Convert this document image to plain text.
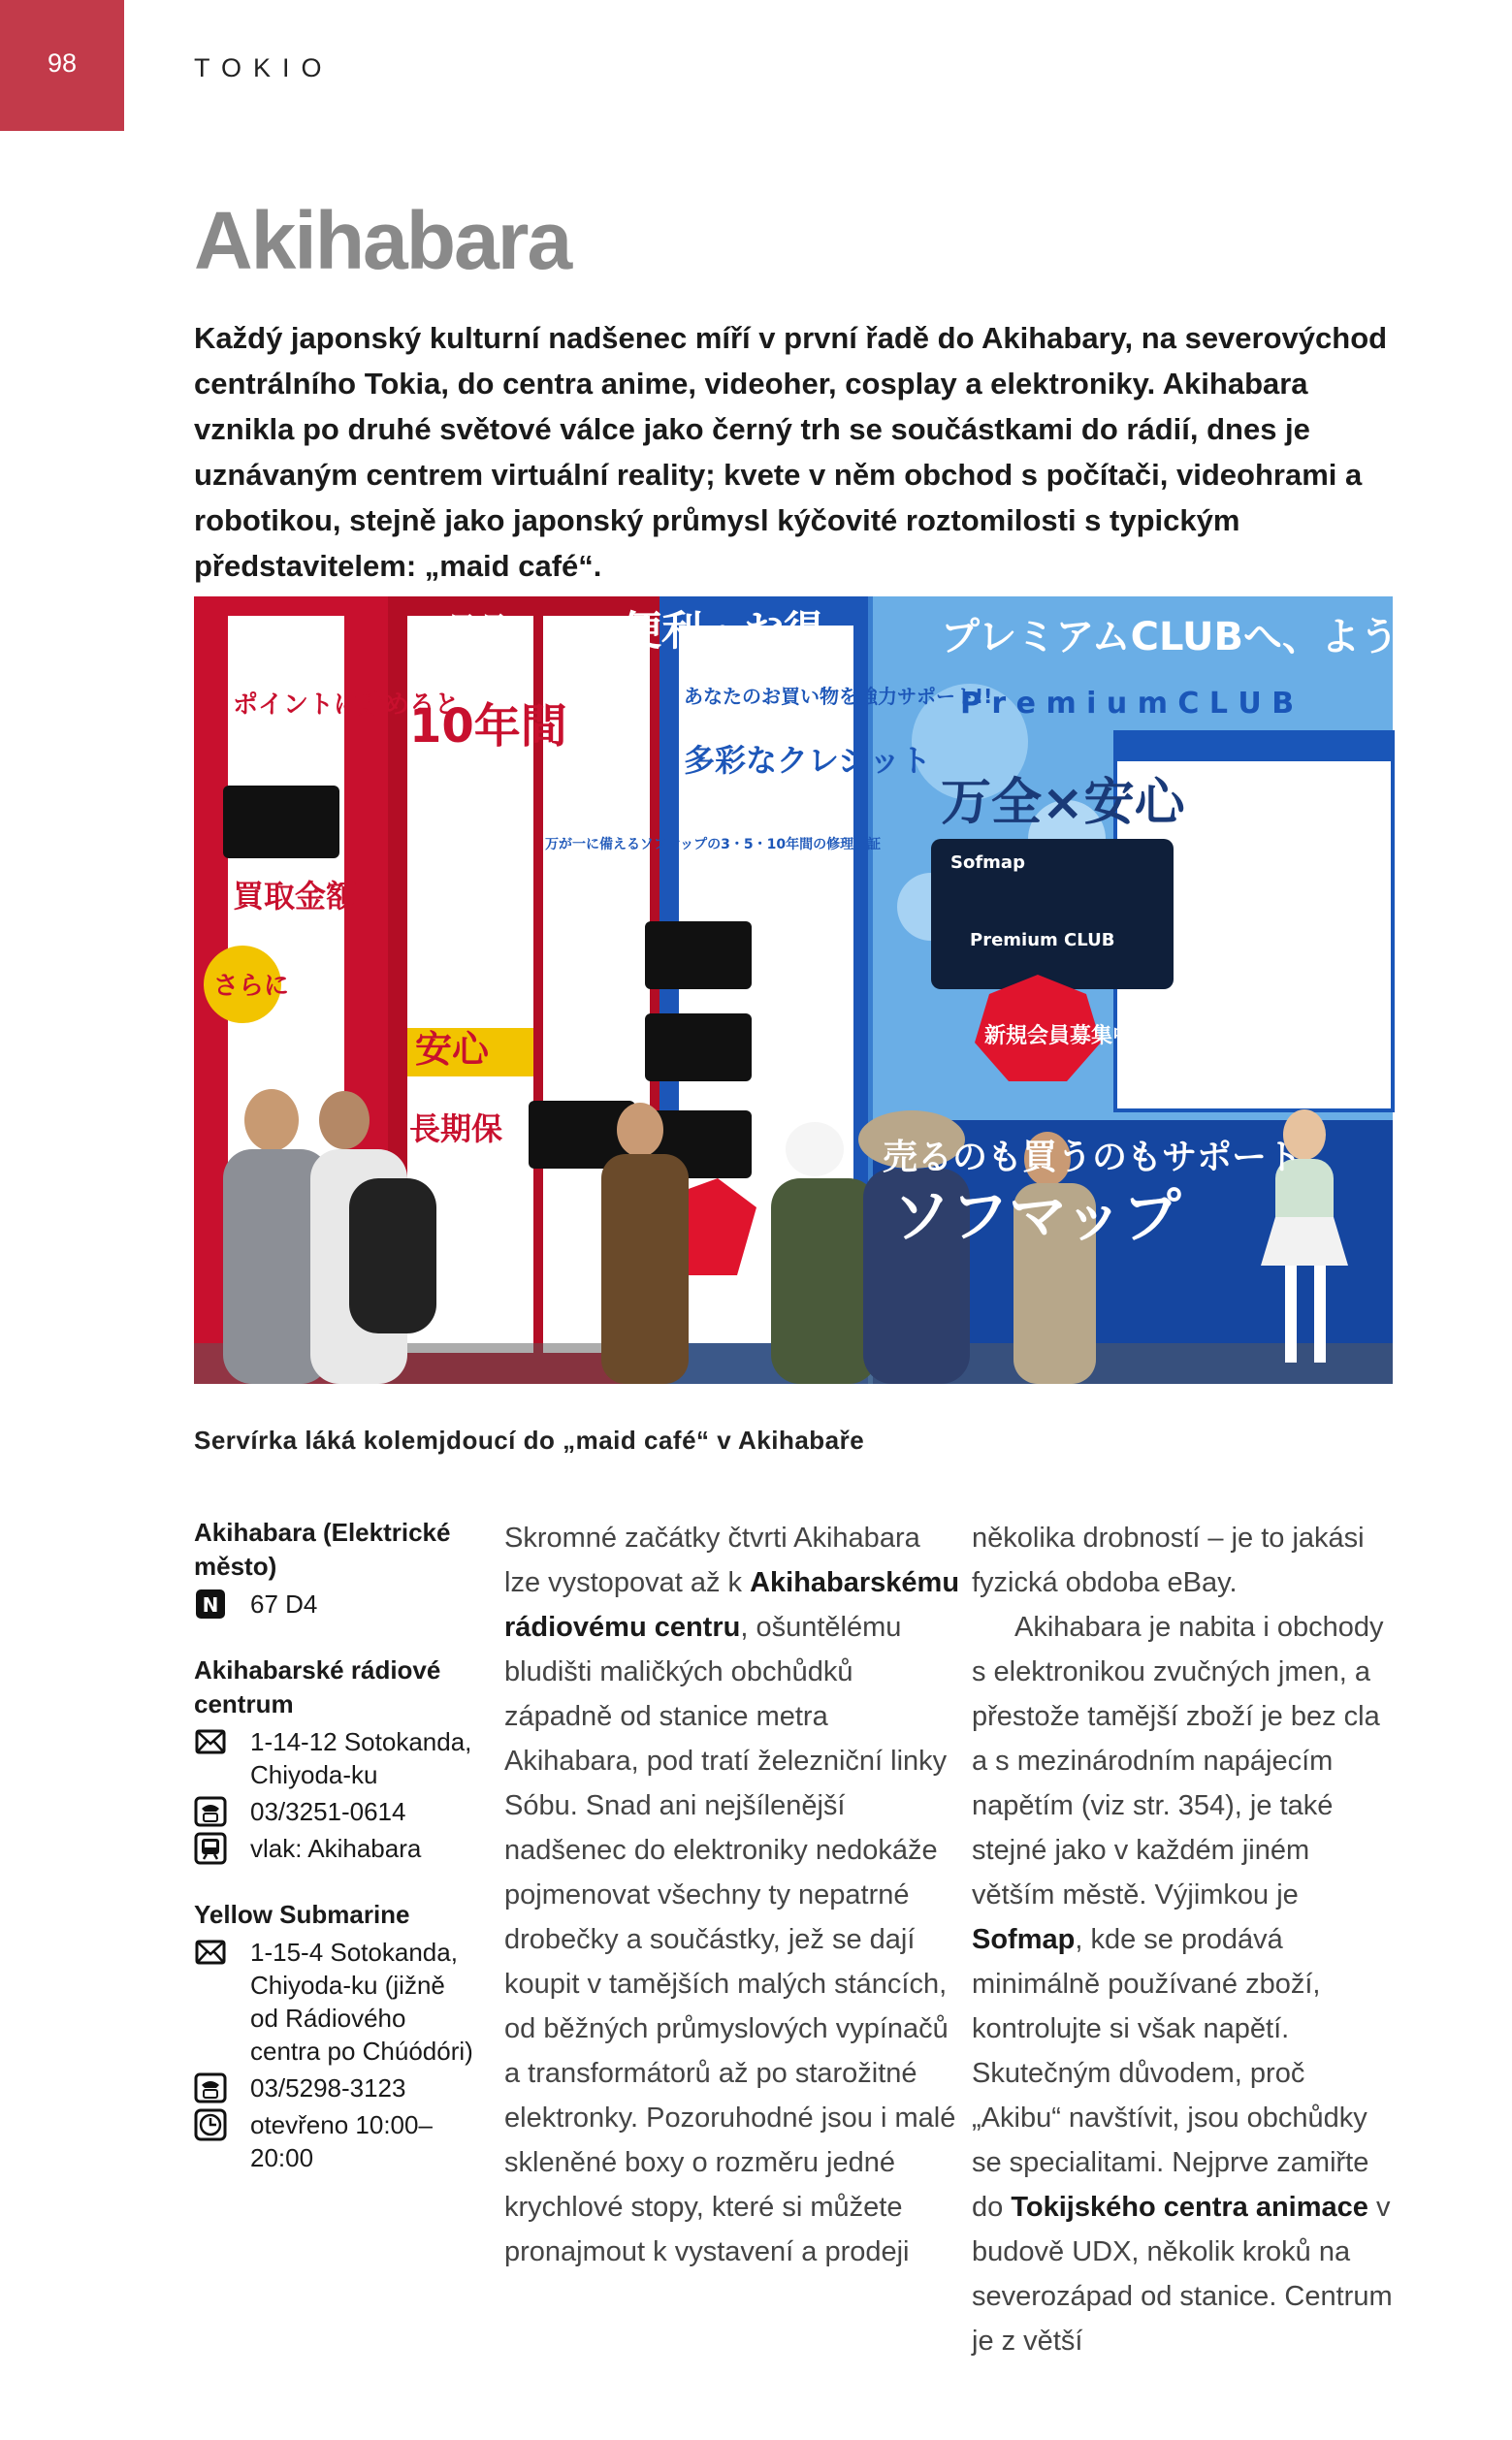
98	TOKIO
Akihabara

Každý japonský kulturní nadšenec míří v první řadě do Akihabary, na severovýchod centrálního Tokia, do centra anime, videoher, cosplay a elektroniky. Akihabara vznikla po druhé světové válce jako černý trh se součástkami do rádií, dnes je uznávaným centrem virtuální reality; kvete v něm obchod s počítači, videohrami a robotikou, stejně jako japonský průmysl kýčovité roztomilosti s typickým představitelem: „maid café“.

便利・お得	プレミアムCLUBへ、ようこそ
P r e m i u m C L U B
最長
10年間
安心
長期保
さらに
買取金額
ポイントに貯めると
多彩なクレジット
あなたのお買い物を強力サポート!!
万が一に備えるソフマップの3・5・10年間の修理保証
万全×安心
新規会員募集中!
Sofmap
Premium CLUB
ソフマップ
売るのも買うのもサポート
Servírka láká kolemjdoucí do „maid café“ v Akihabaře
Akihabara (Elektrické město)
N 67 D4
Akihabarské rádiové centrum
1-14-12 Sotokanda, Chiyoda-ku
03/3251-0614
vlak: Akihabara
Yellow Submarine
1-15-4 Sotokanda, Chiyoda-ku (jižně od Rádiového centra po Chúódóri)
03/5298-3123
otevřeno 10:00–20:00

Skromné začátky čtvrti Akihabara lze vystopovat až k Akihabarskému rádiovému centru, ošuntělému bludišti maličkých obchůdků západně od stanice metra Akihabara, pod tratí železniční linky Sóbu. Snad ani nejšílenější nadšenec do elektroniky nedokáže pojmenovat všechny ty nepatrné drobečky a součástky, jež se dají koupit v tamějších malých stáncích, od běžných průmyslových vypínačů a transformátorů až po starožitné elektronky. Pozoruhodné jsou i malé skleněné boxy o rozměru jedné krychlové stopy, které si můžete pronajmout k vystavení a prodeji

několika drobností – je to jakási fyzická obdoba eBay.

Akihabara je nabita i obchody s elektronikou zvučných jmen, a přestože tamější zboží je bez cla a s mezinárodním napájecím napětím (viz str. 354), je také stejné jako v každém jiném větším městě. Výjimkou je Sofmap, kde se prodává minimálně používané zboží, kontrolujte si však napětí. Skutečným důvodem, proč „Akibu“ navštívit, jsou obchůdky se specialitami. Nejprve zamiřte do Tokijského centra animace v budově UDX, několik kroků na severozápad od stanice. Centrum je z větší
